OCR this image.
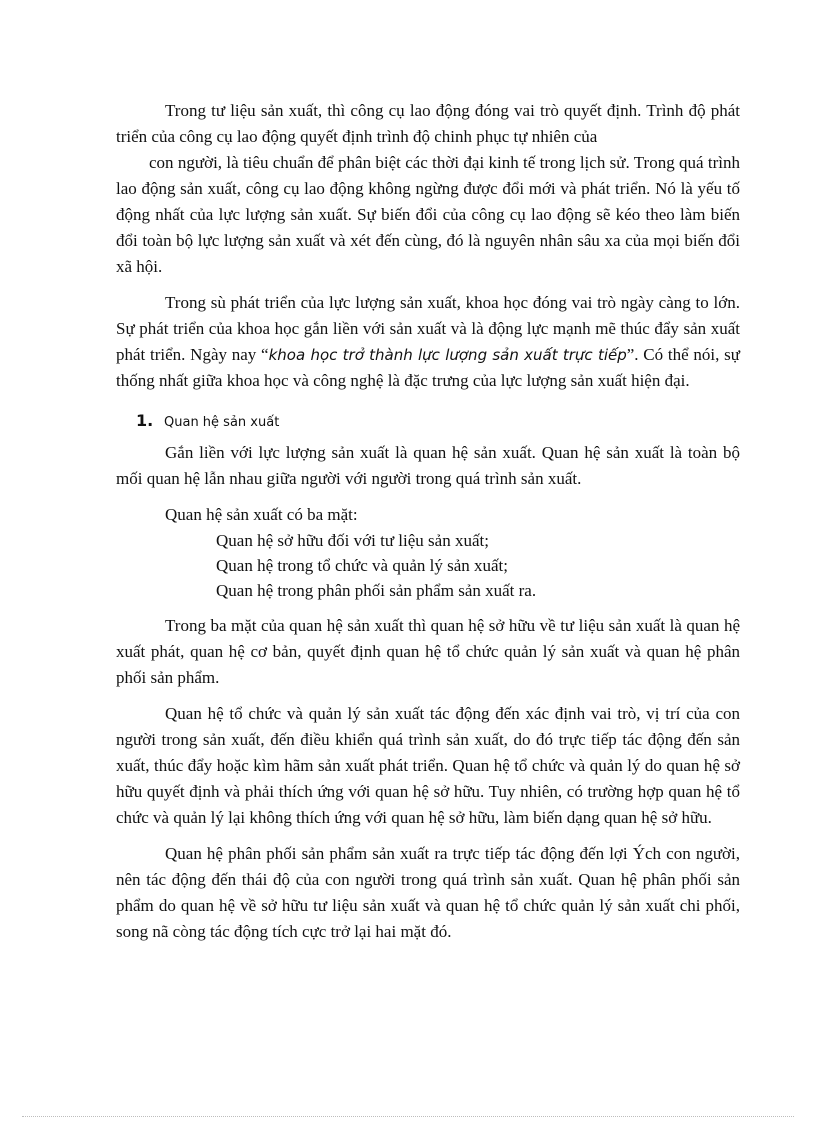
Trong tư liệu sản xuất, thì công cụ lao động đóng vai trò quyết định. Trình độ phát triển của công cụ lao động quyết định trình độ chinh phục tự nhiên của
con người, là tiêu chuẩn để phân biệt các thời đại kinh tế trong lịch sử. Trong quá trình lao động sản xuất, công cụ lao động không ngừng được đổi mới và phát triển. Nó là yếu tố động nhất của lực lượng sản xuất. Sự biến đổi của công cụ lao động sẽ kéo theo làm biến đổi toàn bộ lực lượng sản xuất và xét đến cùng, đó là nguyên nhân sâu xa của mọi biến đổi xã hội.

Trong sù phát triển của lực lượng sản xuất, khoa học đóng vai trò ngày càng to lớn. Sự phát triển của khoa học gắn liền với sản xuất và là động lực mạnh mẽ thúc đẩy sản xuất phát triển. Ngày nay “khoa học trở thành lực lượng sản xuất trực tiếp”. Có thể nói, sự thống nhất giữa khoa học và công nghệ là đặc trưng của lực lượng sản xuất hiện đại.

1. Quan hệ sản xuất

Gắn liền với lực lượng sản xuất là quan hệ sản xuất. Quan hệ sản xuất là toàn bộ mối quan hệ lẫn nhau giữa người với người trong quá trình sản xuất.

Quan hệ sản xuất có ba mặt:

Quan hệ sở hữu đối với tư liệu sản xuất;
Quan hệ trong tổ chức và quản lý sản xuất;
Quan hệ trong phân phối sản phẩm sản xuất ra.

Trong ba mặt của quan hệ sản xuất thì quan hệ sở hữu về tư liệu sản xuất là quan hệ xuất phát, quan hệ cơ bản, quyết định quan hệ tổ chức quản lý sản xuất và quan hệ phân phối sản phẩm.

Quan hệ tổ chức và quản lý sản xuất tác động đến xác định vai trò, vị trí của con người trong sản xuất, đến điều khiển quá trình sản xuất, do đó trực tiếp tác động đến sản xuất, thúc đẩy hoặc kìm hãm sản xuất phát triển. Quan hệ tổ chức và quản lý do quan hệ sở hữu quyết định và phải thích ứng với quan hệ sở hữu. Tuy nhiên, có trường hợp quan hệ tổ chức và quản lý lại không thích ứng với quan hệ sở hữu, làm biến dạng quan hệ sở hữu.

Quan hệ phân phối sản phẩm sản xuất ra trực tiếp tác động đến lợi Ých con người, nên tác động đến thái độ của con người trong quá trình sản xuất. Quan hệ phân phối sản phẩm do quan hệ về sở hữu tư liệu sản xuất và quan hệ tổ chức quản lý sản xuất chi phối, song nã còng tác động tích cực trở lại hai mặt đó.
